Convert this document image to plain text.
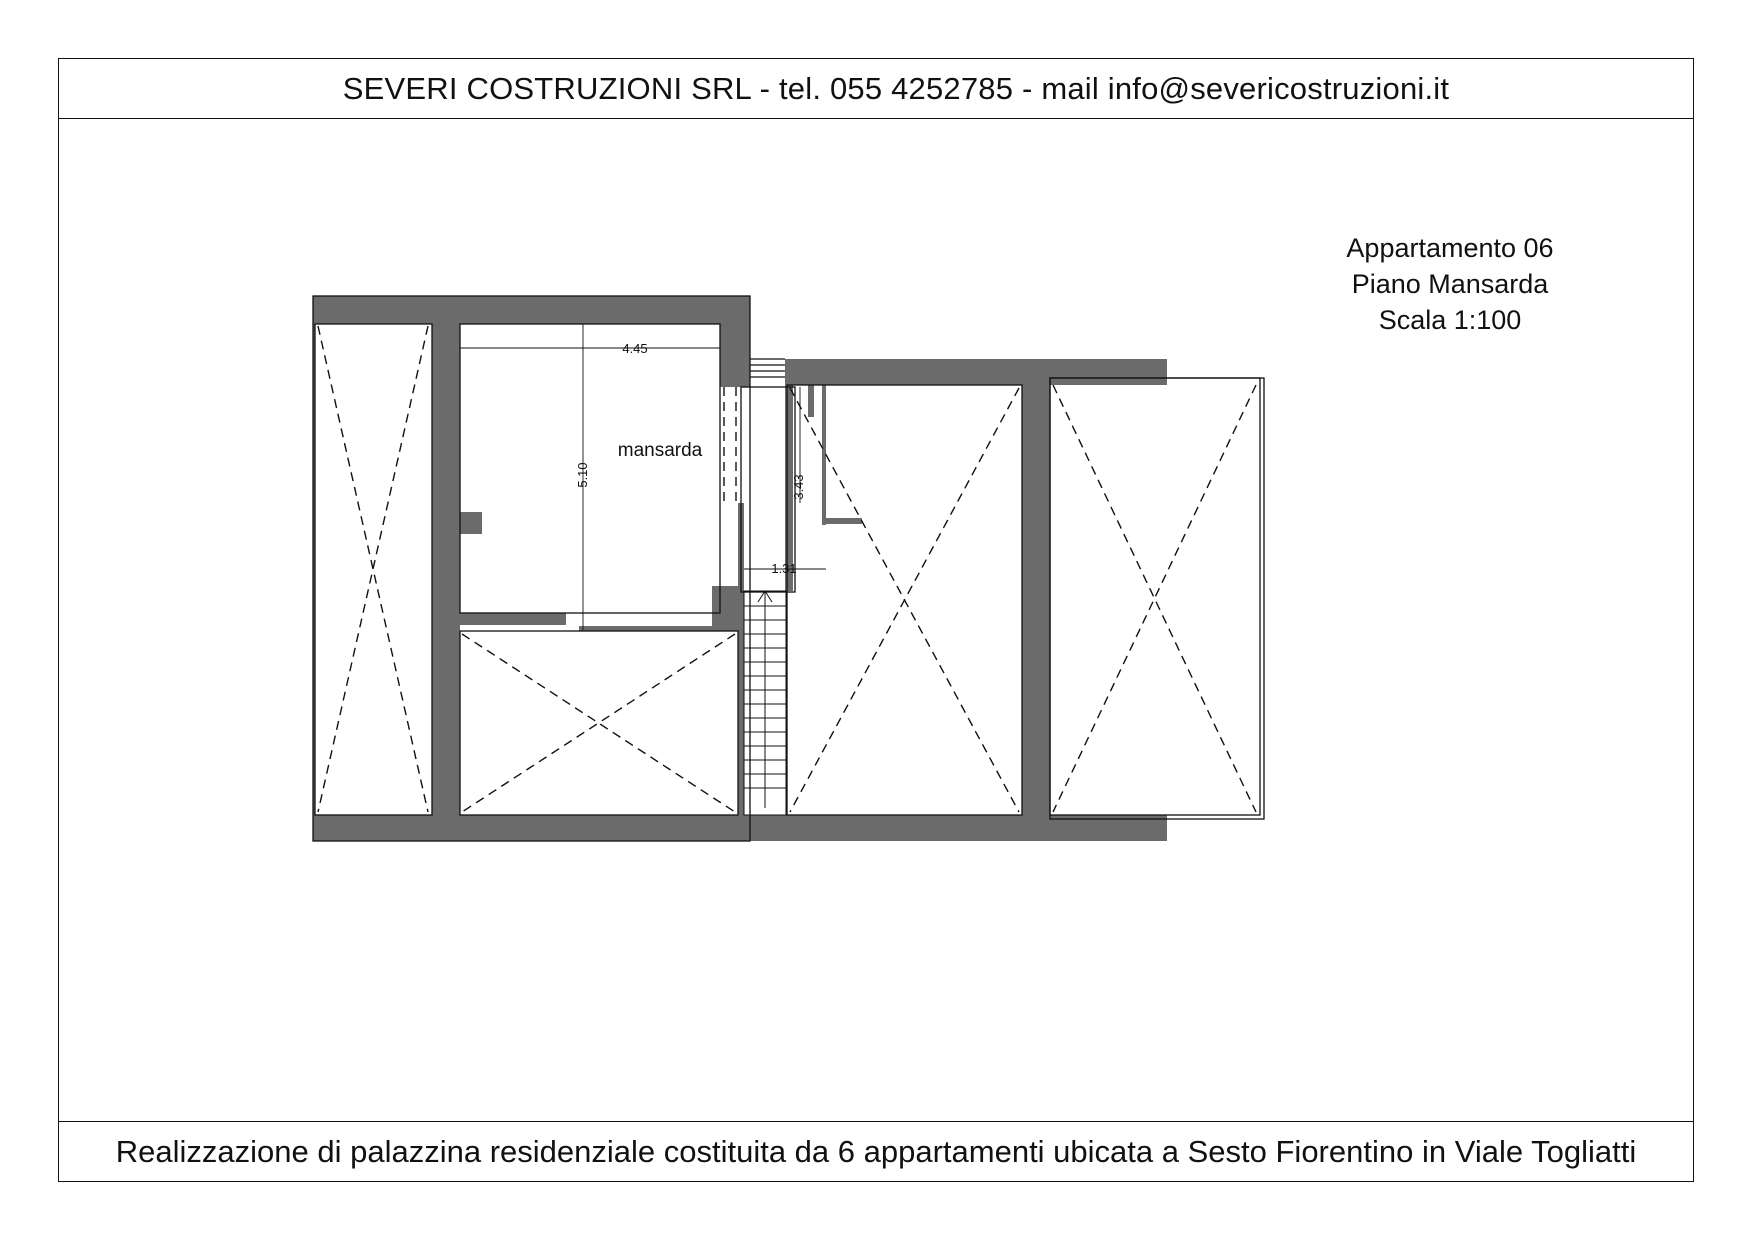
SEVERI COSTRUZIONI SRL - tel. 055 4252785 - mail info@severicostruzioni.it
Realizzazione di palazzina residenziale costituita da 6 appartamenti ubicata a Sesto Fiorentino in Viale Togliatti
Appartamento 06
Piano Mansarda
Scala 1:100
4.45
5.10	3.43
1.31
mansarda
